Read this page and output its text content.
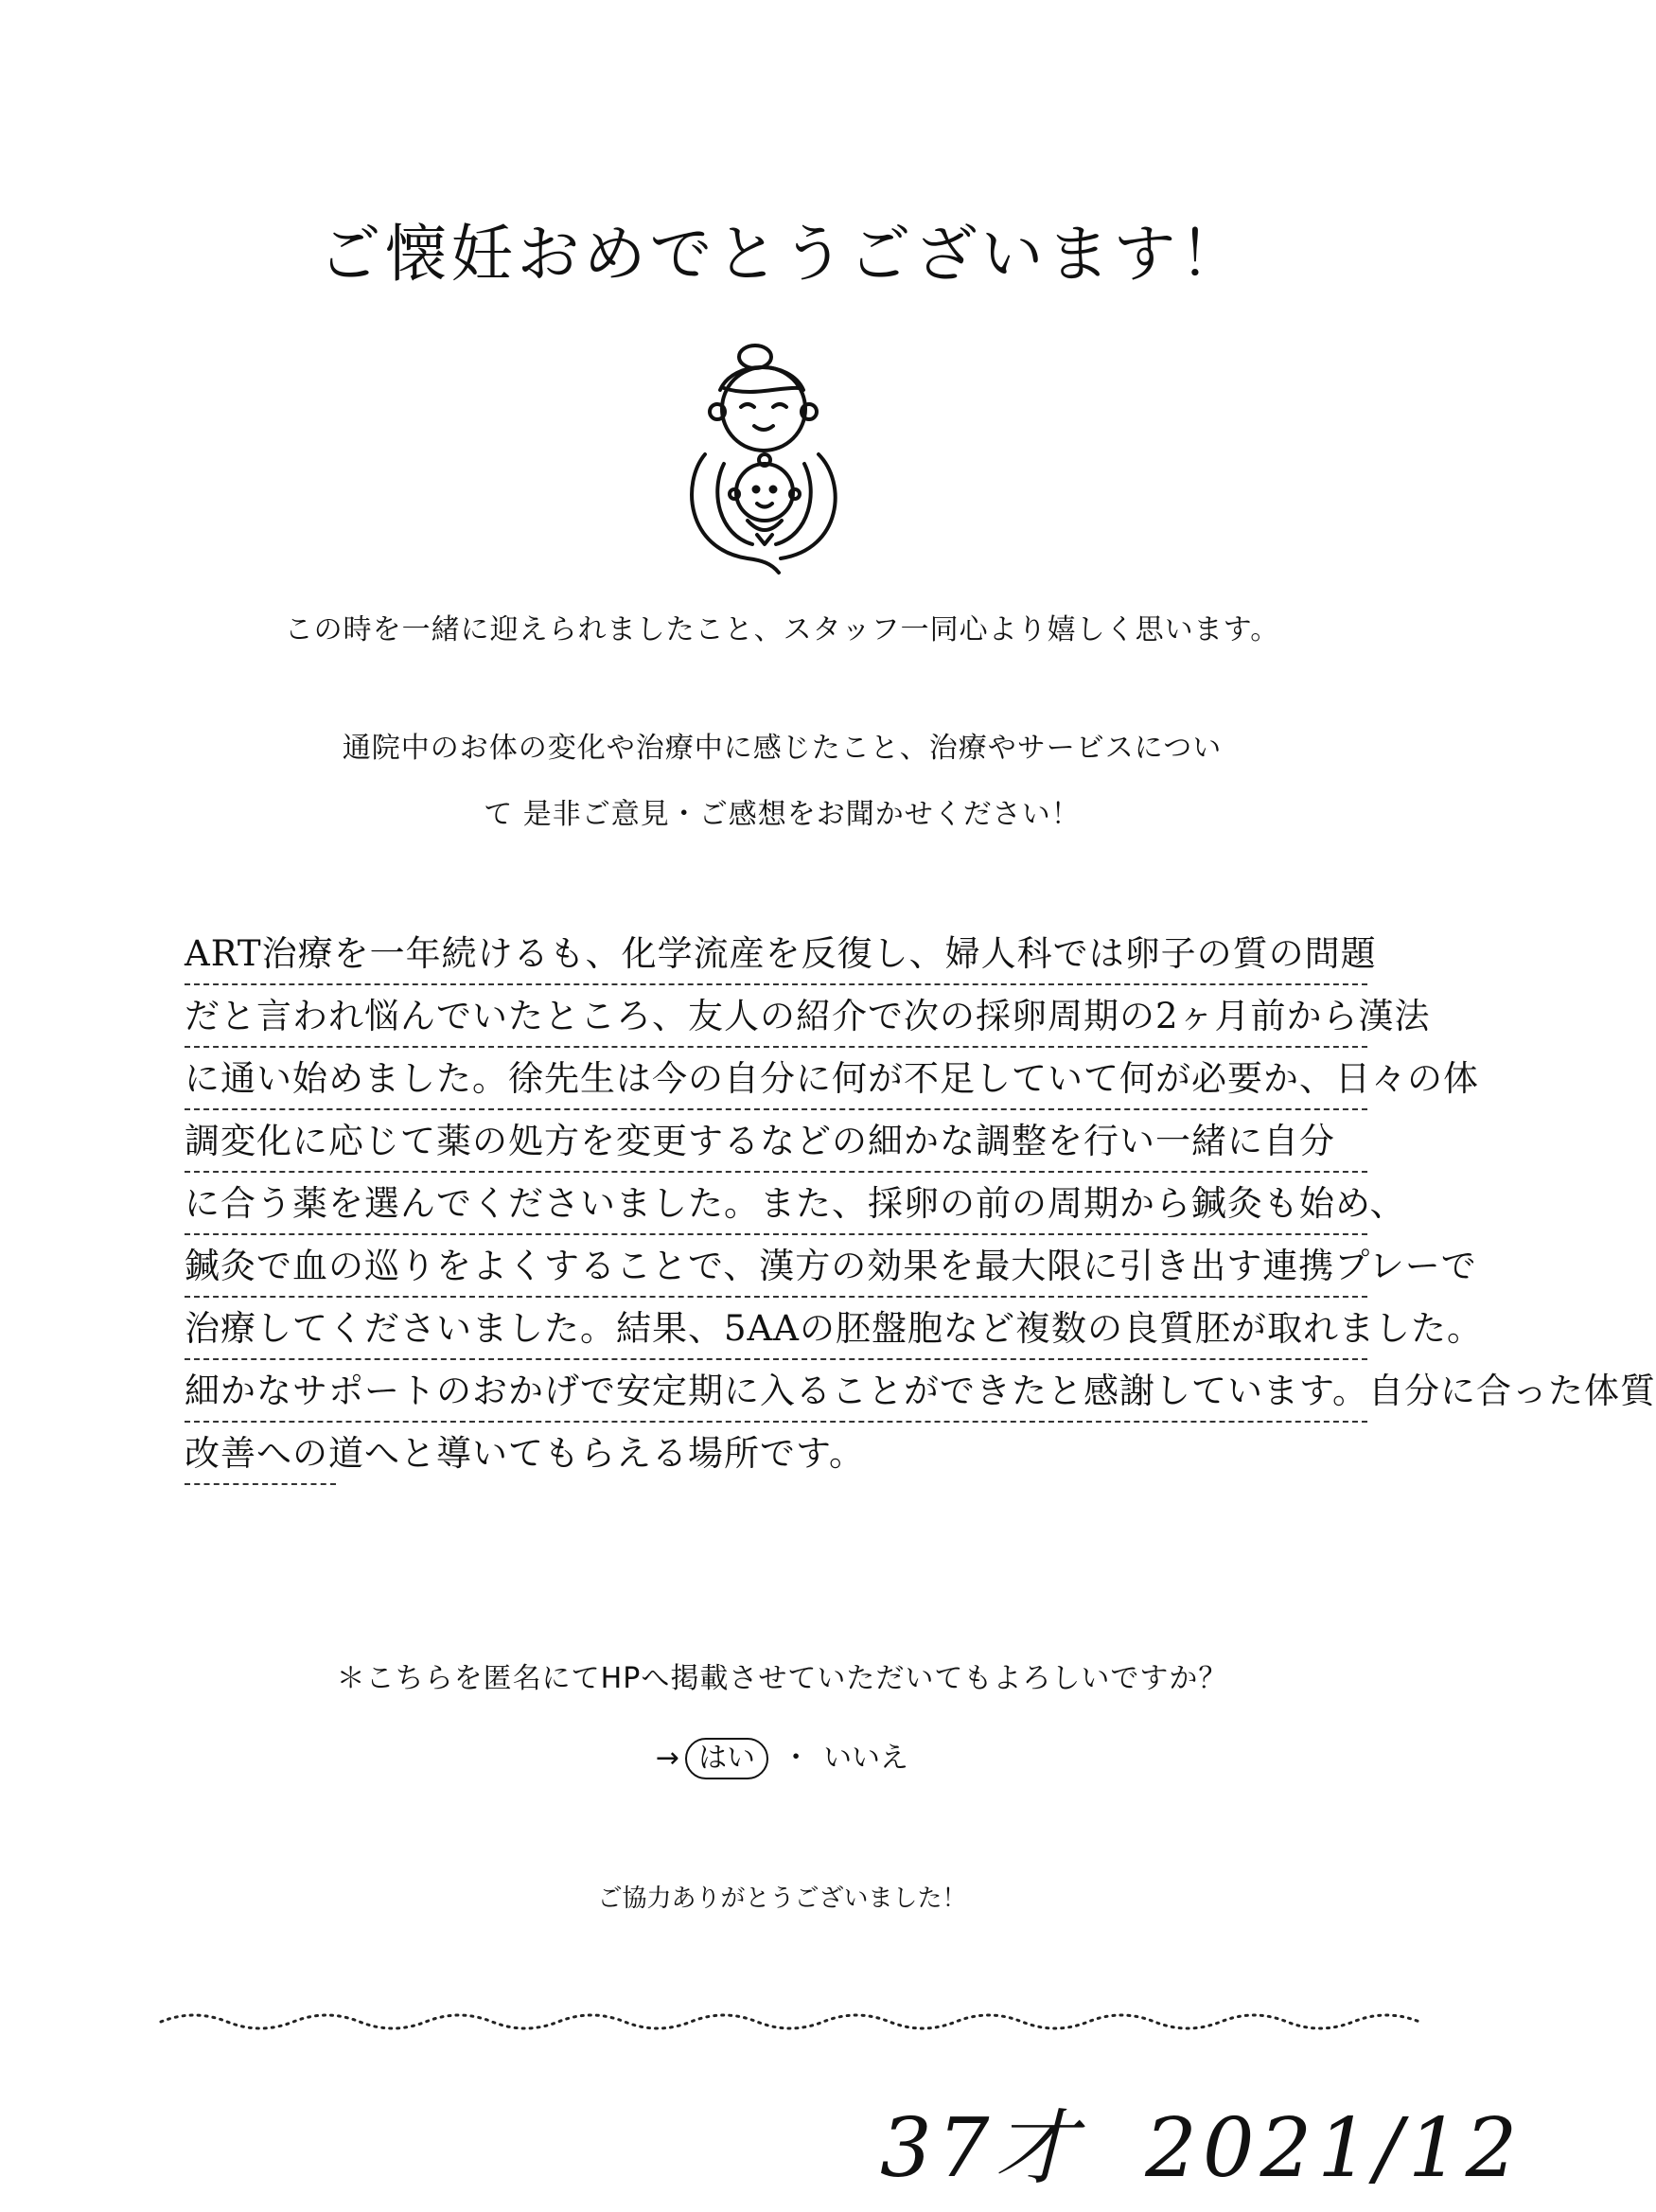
ご懐妊おめでとうございます！
この時を一緒に迎えられましたこと、スタッフ一同心より嬉しく思います。
通院中のお体の変化や治療中に感じたこと、治療やサービスについ
て 是非ご意見・ご感想をお聞かせください！
ART治療を一年続けるも、化学流産を反復し、婦人科では卵子の質の問題
だと言われ悩んでいたところ、友人の紹介で次の採卵周期の2ヶ月前から漢法
に通い始めました。徐先生は今の自分に何が不足していて何が必要か、日々の体
調変化に応じて薬の処方を変更するなどの細かな調整を行い一緒に自分
に合う薬を選んでくださいました。また、採卵の前の周期から鍼灸も始め、
鍼灸で血の巡りをよくすることで、漢方の効果を最大限に引き出す連携プレーで
治療してくださいました。結果、5AAの胚盤胞など複数の良質胚が取れました。
細かなサポートのおかげで安定期に入ることができたと感謝しています。自分に合った体質
改善への道へと導いてもらえる場所です。
＊こちらを匿名にてHPへ掲載させていただいてもよろしいですか？
→ はい ・ いいえ
ご協力ありがとうございました！
37才 2021/12
